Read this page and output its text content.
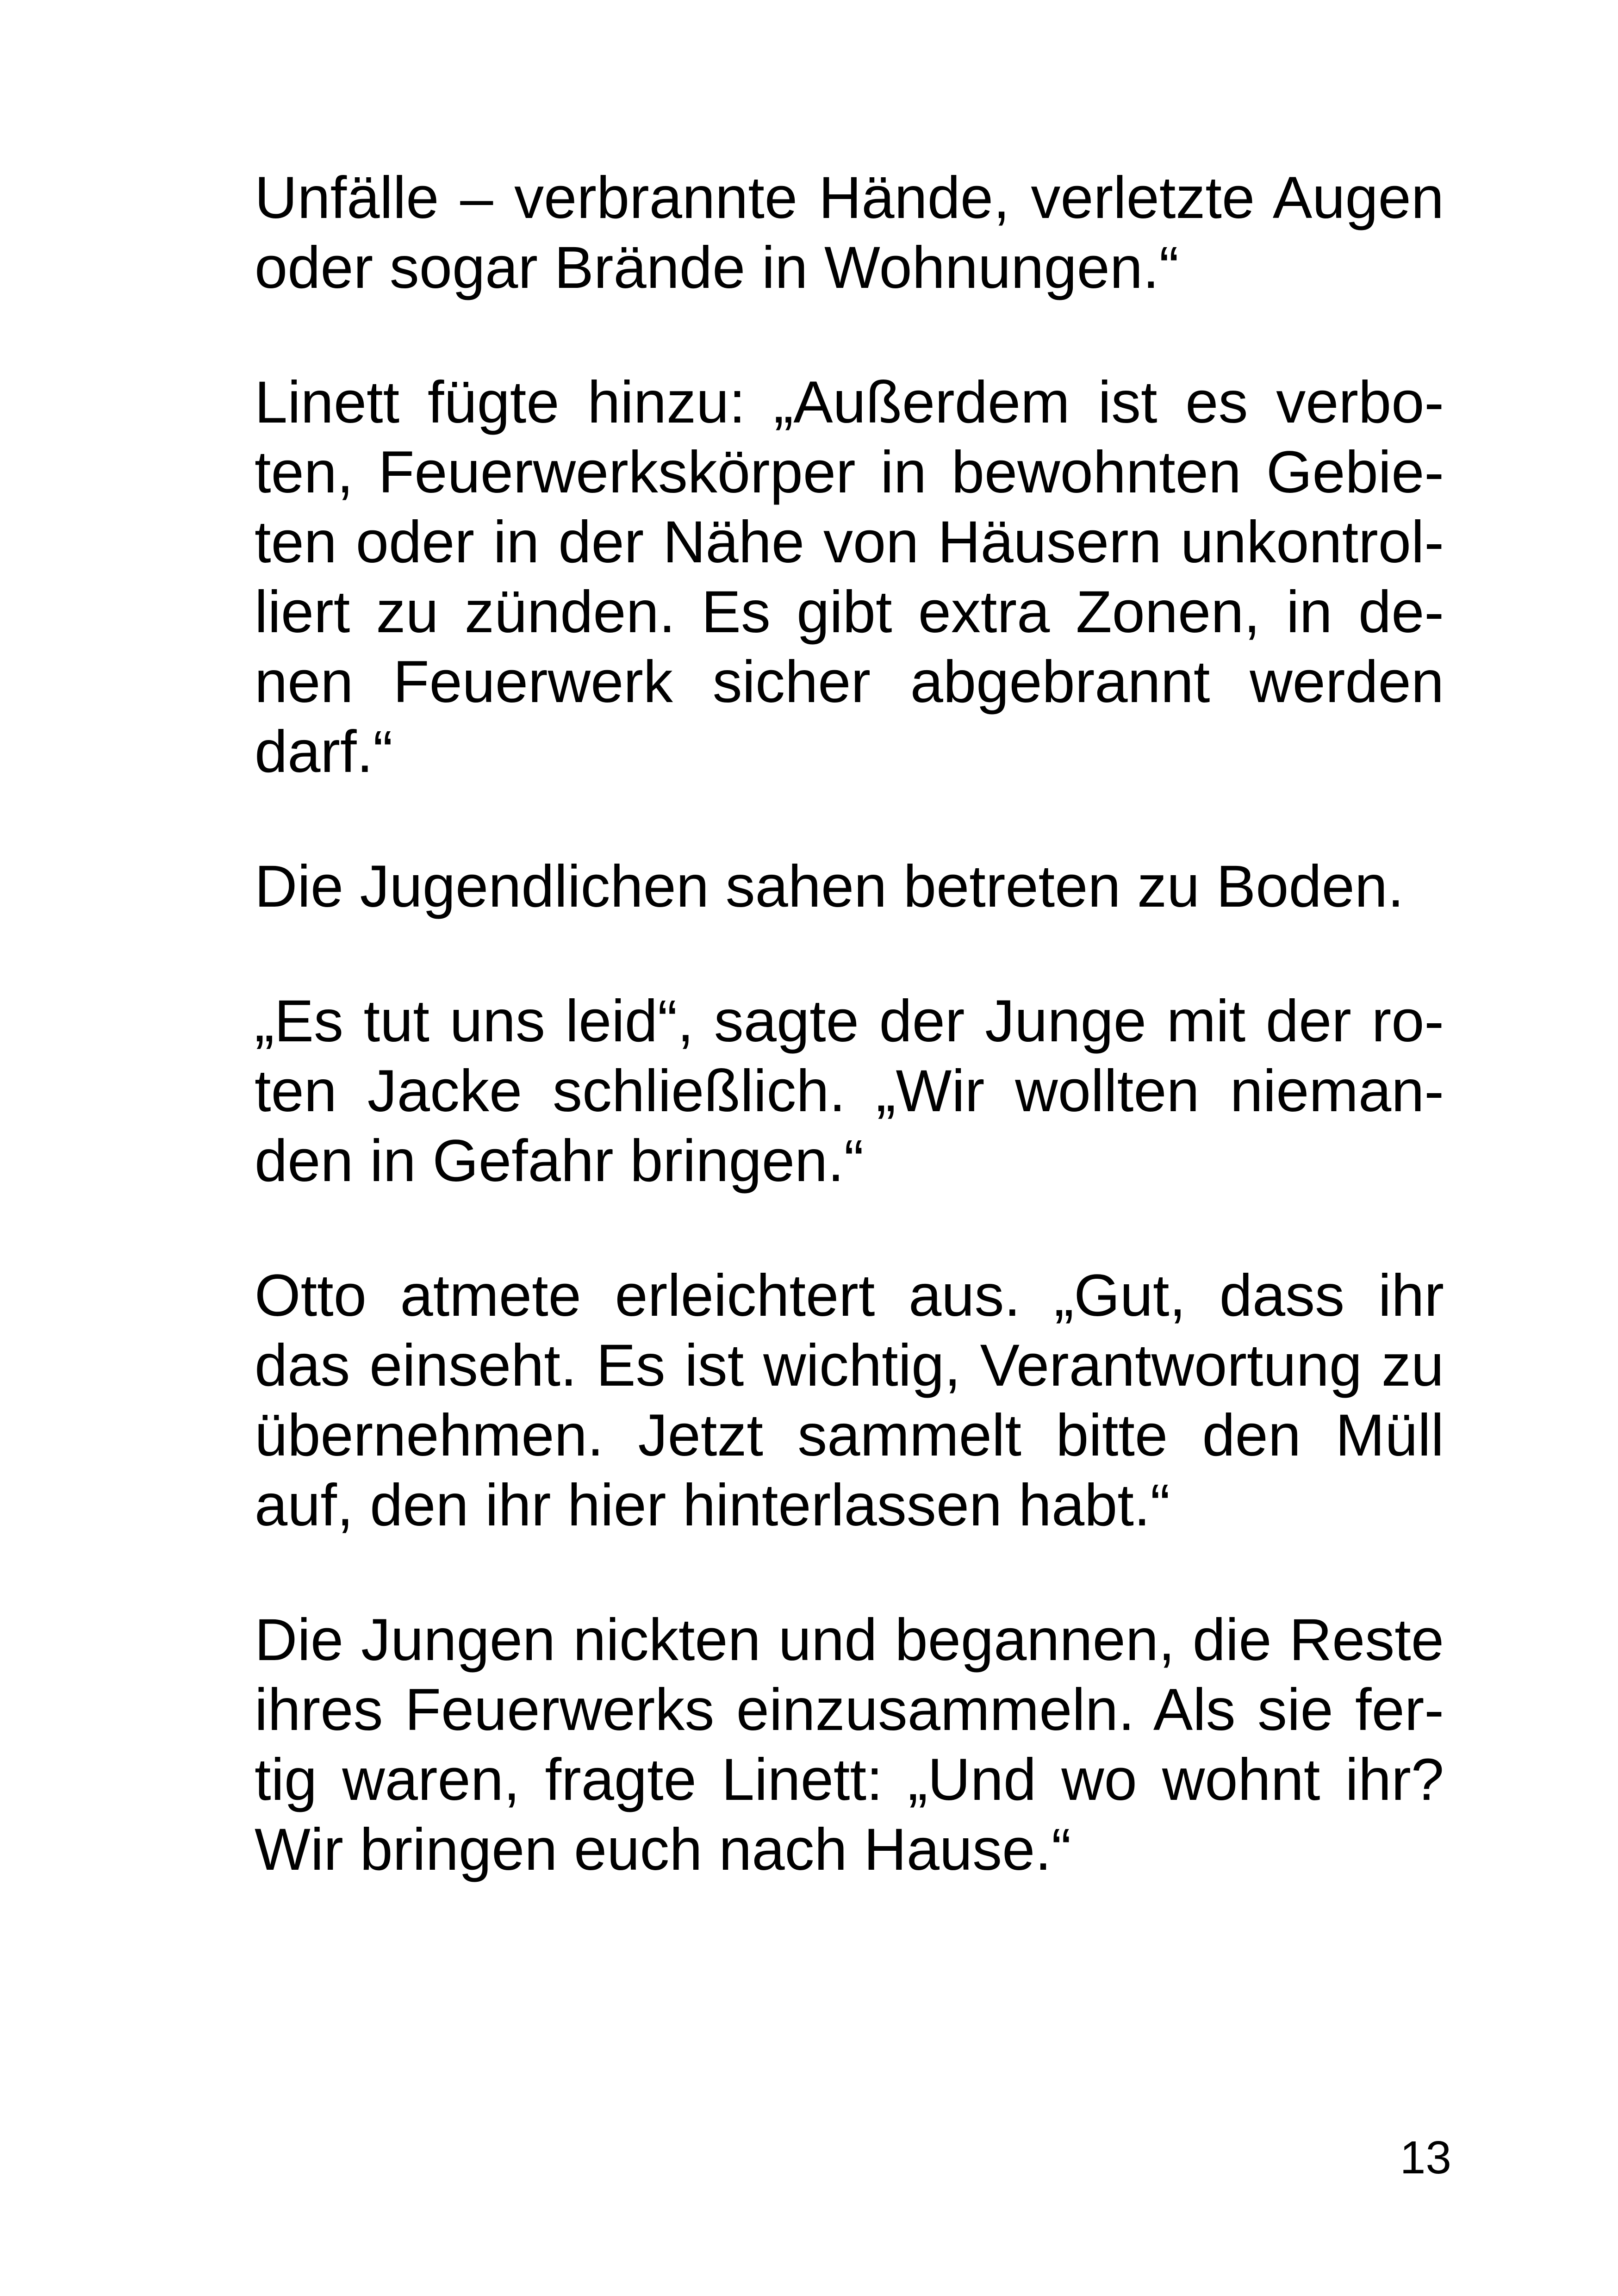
Unfälle – verbrannte Hände, verletzte Augen
oder sogar Brände in Wohnungen.“
Linett fügte hinzu: „Außerdem ist es verbo-
ten, Feuerwerkskörper in bewohnten Gebie-
ten oder in der Nähe von Häusern unkontrol-
liert zu zünden. Es gibt extra Zonen, in de-
nen Feuerwerk sicher abgebrannt werden
darf.“
Die Jugendlichen sahen betreten zu Boden.
„Es tut uns leid“, sagte der Junge mit der ro-
ten Jacke schließlich. „Wir wollten nieman-
den in Gefahr bringen.“
Otto atmete erleichtert aus. „Gut, dass ihr
das einseht. Es ist wichtig, Verantwortung zu
übernehmen. Jetzt sammelt bitte den Müll
auf, den ihr hier hinterlassen habt.“
Die Jungen nickten und begannen, die Reste
ihres Feuerwerks einzusammeln. Als sie fer-
tig waren, fragte Linett: „Und wo wohnt ihr?
Wir bringen euch nach Hause.“
13
